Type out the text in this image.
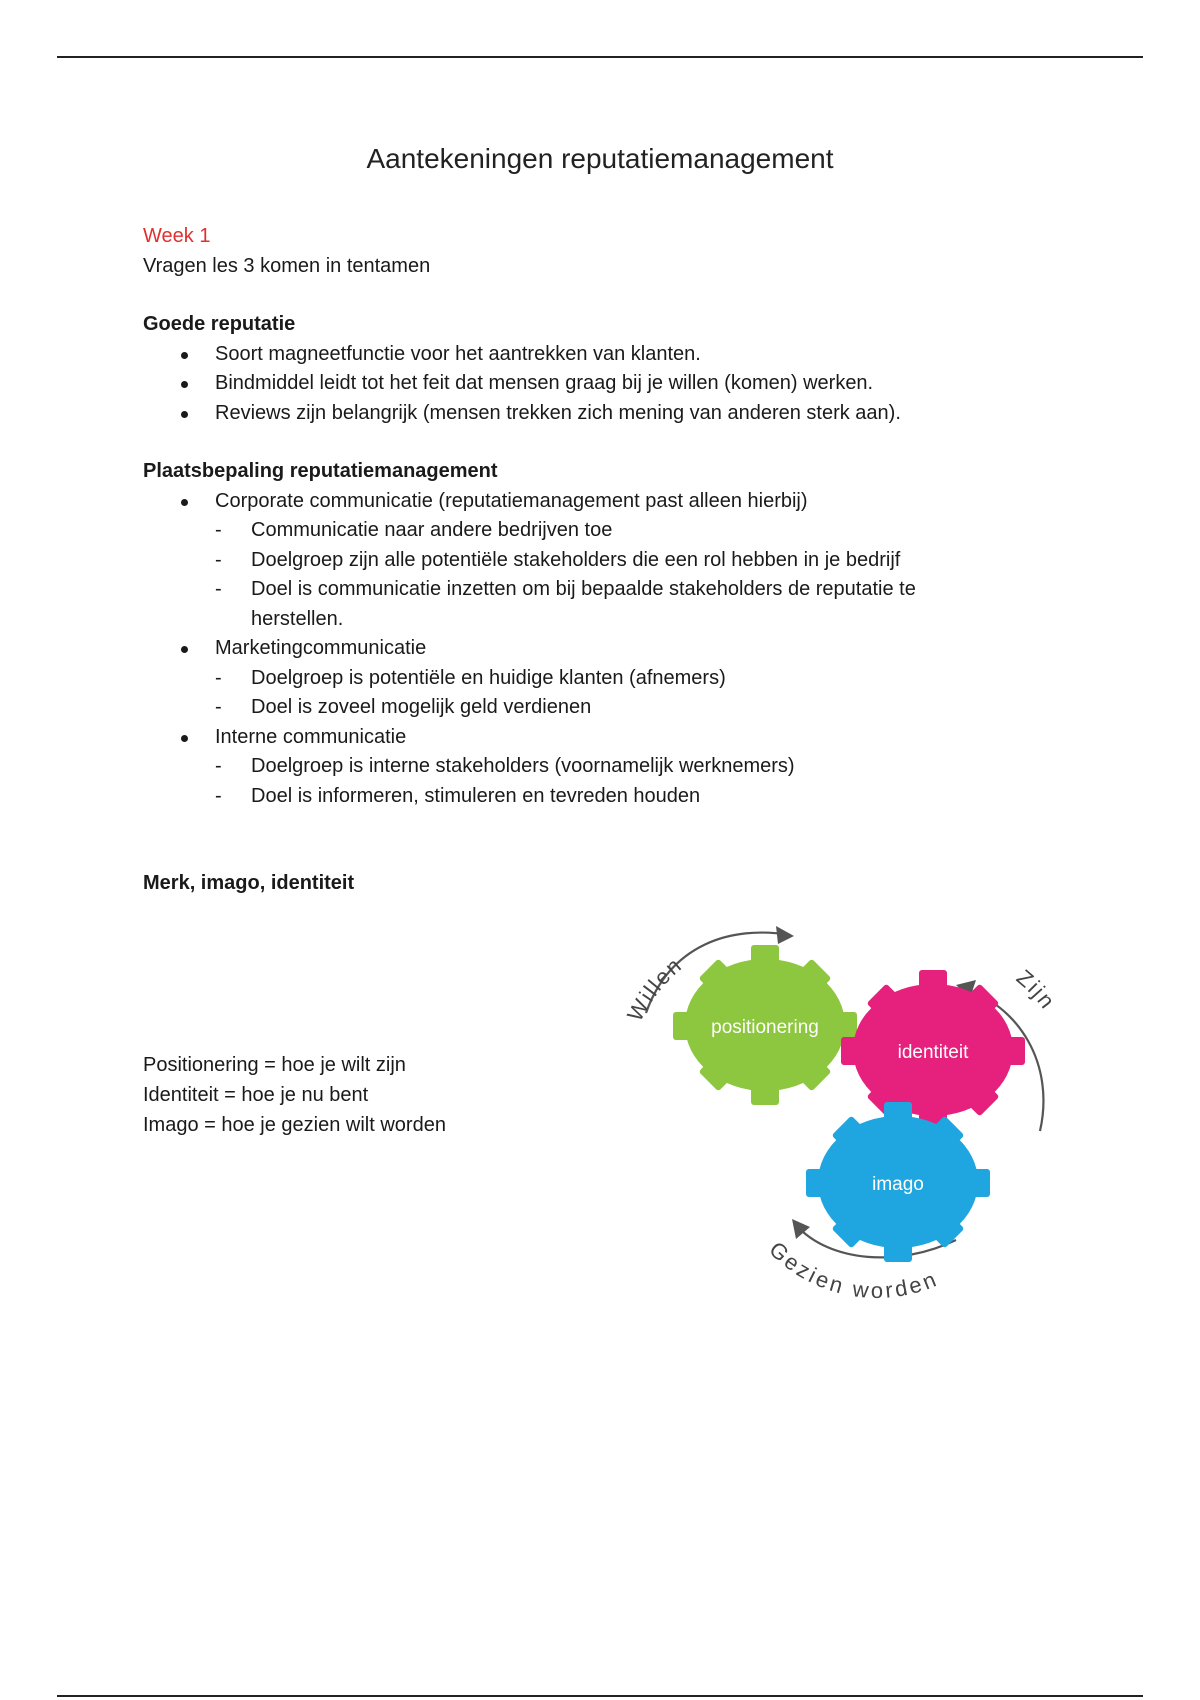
Aantekeningen reputatiemanagement

Week 1

Vragen les 3 komen in tentamen

Goede reputatie

Soort magneetfunctie voor het aantrekken van klanten.
Bindmiddel leidt tot het feit dat mensen graag bij je willen (komen) werken.
Reviews zijn belangrijk (mensen trekken zich mening van anderen sterk aan).

Plaatsbepaling reputatiemanagement

Corporate communicatie (reputatiemanagement past alleen hierbij)
- Communicatie naar andere bedrijven toe
- Doelgroep zijn alle potentiële stakeholders die een rol hebben in je bedrijf
- Doel is communicatie inzetten om bij bepaalde stakeholders de reputatie te herstellen.
Marketingcommunicatie
- Doelgroep is potentiële en huidige klanten (afnemers)
- Doel is zoveel mogelijk geld verdienen
Interne communicatie
- Doelgroep is interne stakeholders (voornamelijk werknemers)
- Doel is informeren, stimuleren en tevreden houden

Merk, imago, identiteit

Positionering = hoe je wilt zijn

Identiteit = hoe je nu bent

Imago = hoe je gezien wilt worden

positionering
identiteit
imago
Willen
Gezien worden
Zijn
